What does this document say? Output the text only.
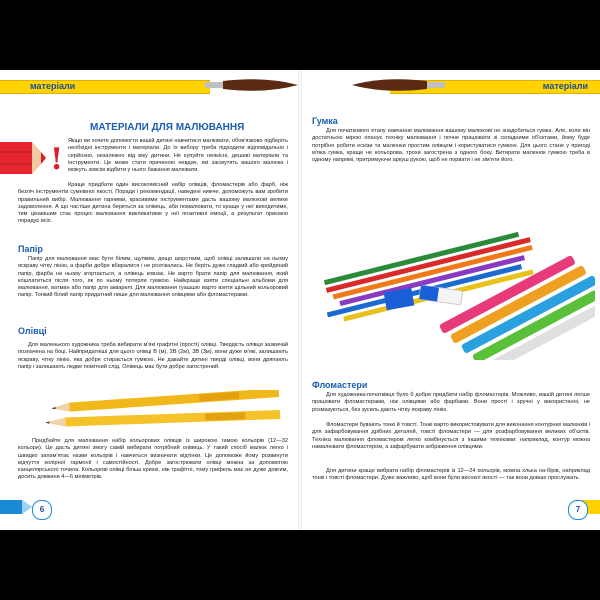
матеріали
!
МАТЕРІАЛИ ДЛЯ МАЛЮВАННЯ

Якщо ви хочете допомогти вашій дитині навчитися малювати, обов'язково підберіть необхідні інструменти і матеріали. До їх вибору треба підходити відповідально і серйозно, незалежно від віку дитини. Не купуйте неякісні, дешеві матеріали та інструменти. Це може стати причиною невдач, які засмутять вашого малюка і можуть зовсім відбити у нього бажання малювати.

Краще придбати один високоякісний набір олівців, фломастерів або фарб, ніж безліч інструментів сумнівної якості. Поради і рекомендації, наведені нижче, допоможуть вам зробити правильний вибір. Малювання гарними, красивими інструментами дасть вашому малюкові велике задоволення. А що частіше дитина береться за олівець, аби помалювати, то краще у неї виходитиме, тим цікавішим стає процес малювання викликатиме у неї позитивні емоції, а результат приємно порадує всіх.

Папір

Папір для малювання має бути білим, щупким, дещо шорстким, щоб олівці залишали на ньому яскраву чітку лінію, а фарби добре вбиралися і не розтікались. Не беріть дуже гладкий або крейдяний папір, фарба на ньому згортається, а олівець ковзає. Не варто брати папір для малювання, який кошлатиться після того, як по ньому потерли гумкою. Найкраще взяти спеціальні альбоми для малювання, ватман або папір для акварелі. Для малювання гуашшю варто взяти щільний кольоровий папір. Тонкий білий папір придатний лише для малювання олівцями або фломастерами.

Олівці

Для маленького художника треба вибирати м'які графітні (прості) олівці. Твердість олівця зазвичай позначена на боці. Найпридатніші для цього олівці В (м), 2В (2м), 3В (3м), вони дуже м'які, залишають яскраву, чітку лінію, яка добре стирається гумкою. Не давайте дитині тверді олівці, вони дряпають папір і залишають ледве помітний слід. Олівець має бути добре загострений.

Придбайте для малювання набір кольорових олівців із широкою гамою кольорів (12—32 кольори). Це дасть дитині змогу самій вибирати потрібний олівець. У такий спосіб малюк легко і швидко запам'ятає назви кольорів і навчиться визначати відтінки. Це допоможе йому розвинути відчуття колірної гармонії і самостійності. Добре загострювати олівці можна за допомогою канцелярського точила. Кольорові олівці більш крихкі, ніж графітні, тому грифель має не дуже довгим, досить довжини 4—6 міліметрів.

6
матеріали
Гумка

Для початкового етапу навчання малювання вашому малюкові не знадобиться гумка. Але, коли він достатньою мірою опанує техніку малювання і почне працювати зі складними об'єктами, йому буде потрібно робити ескізи та малюнки простим олівцем і користуватися гумкою. Для цього стане у пригоді м'яка гумка, краще не кольорова, трохи загострена з одного боку. Витирати малюнок гумкою треба в одному напрямі, притримуючи аркуш рукою, щоб не порвати і не зім'яти його.

Фломастери

Для художника-початківця було б добре придбати набір фломастерів. Можливо, вашій дитині легше працювати фломастерами, ніж олівцями або фарбами. Вони прості і зручні у використанні, не розмазуються, без зусиль дають чітку яскраву лінію.

Фломастери бувають тонкі й товсті. Тонкі варто використовувати для виконання контурних малюнків і для зафарбовування дрібних деталей, товсті фломастери — для розфарбовування великих об'єктів. Техніка малювання фломастером легко комбінується з іншими техніками: наприклад, контур можна намалювати фломастером, а зафарбувати зображення олівцями.

Для дитини краще вибрати набір фломастерів із 12—24 кольорів, можна хлька на-бірів, наприклад тонкі і товсті фломастери. Дуже важливо, щоб вони були високої якості — так вони довше прослужать.

7
